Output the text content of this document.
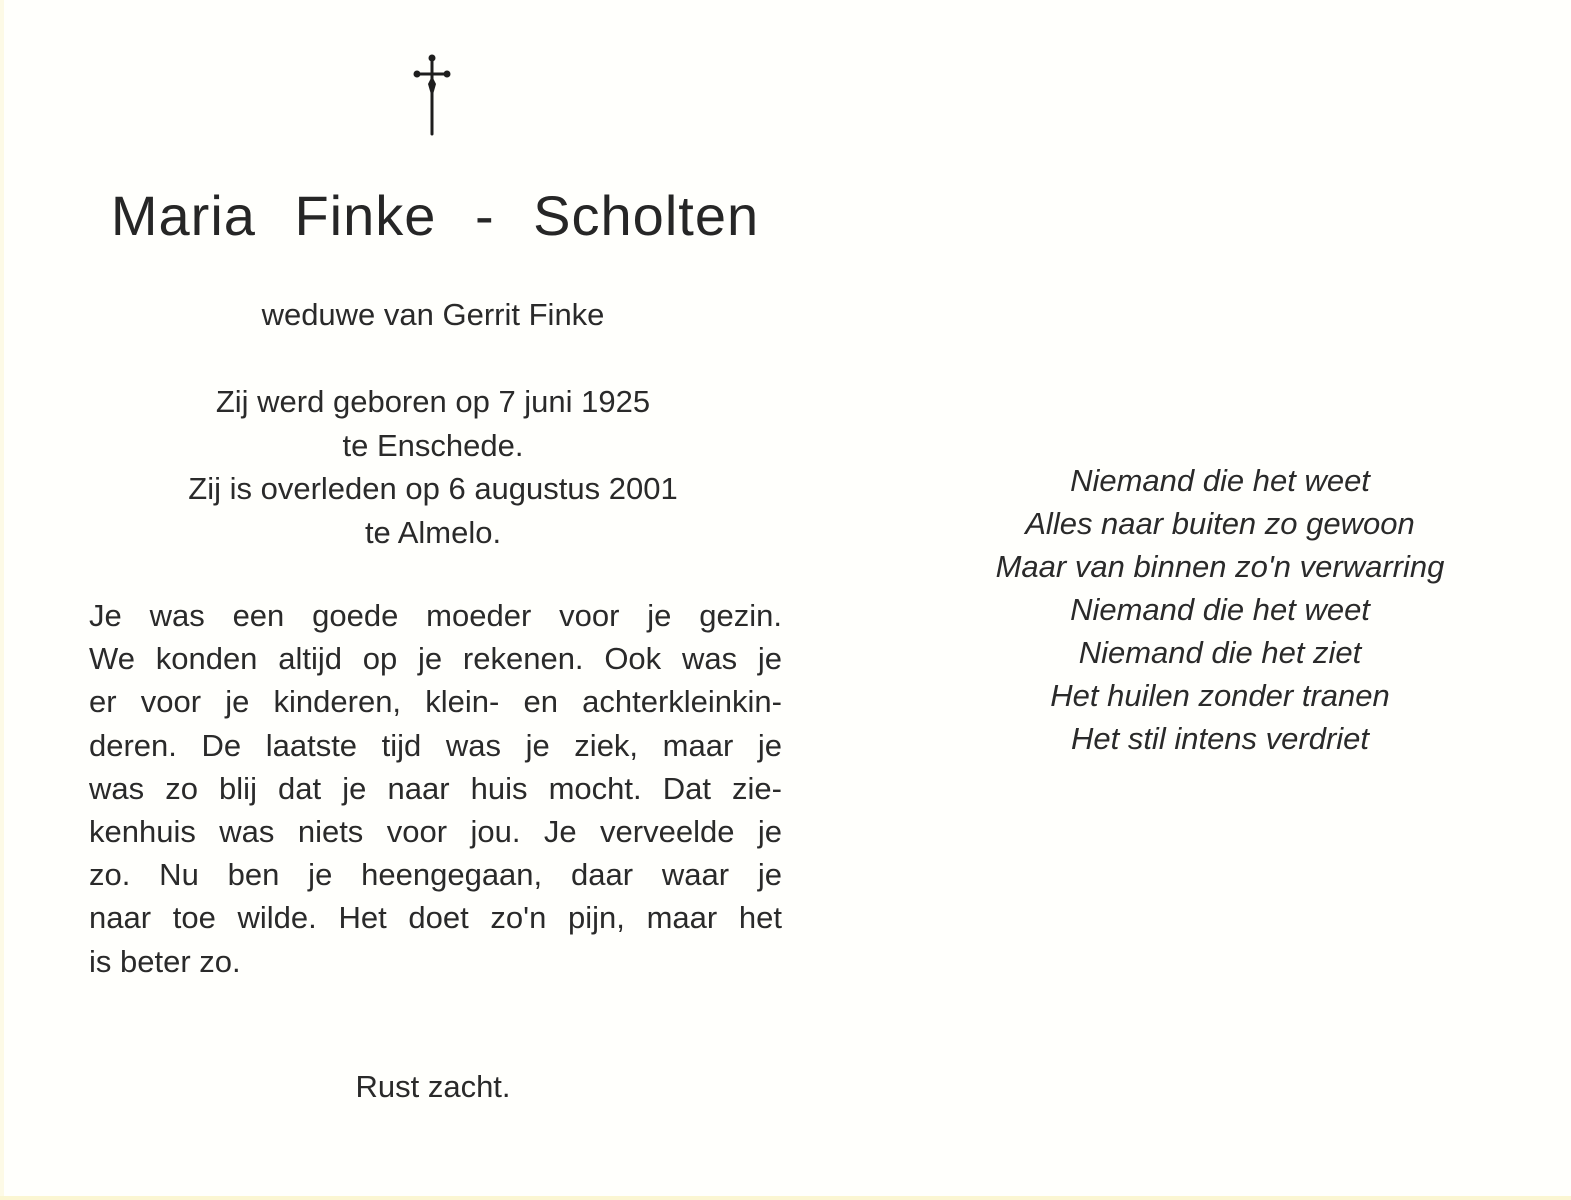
Maria Finke - Scholten

weduwe van Gerrit Finke

Zij werd geboren op 7 juni 1925
te Enschede.
Zij is overleden op 6 augustus 2001
te Almelo.

Je was een goede moeder voor je gezin.
We konden altijd op je rekenen. Ook was je
er voor je kinderen, klein- en achterkleinkin-
deren. De laatste tijd was je ziek, maar je
was zo blij dat je naar huis mocht. Dat zie-
kenhuis was niets voor jou. Je verveelde je
zo. Nu ben je heengegaan, daar waar je
naar toe wilde. Het doet zo'n pijn, maar het
is beter zo.

Rust zacht.

Niemand die het weet
Alles naar buiten zo gewoon
Maar van binnen zo'n verwarring
Niemand die het weet
Niemand die het ziet
Het huilen zonder tranen
Het stil intens verdriet
